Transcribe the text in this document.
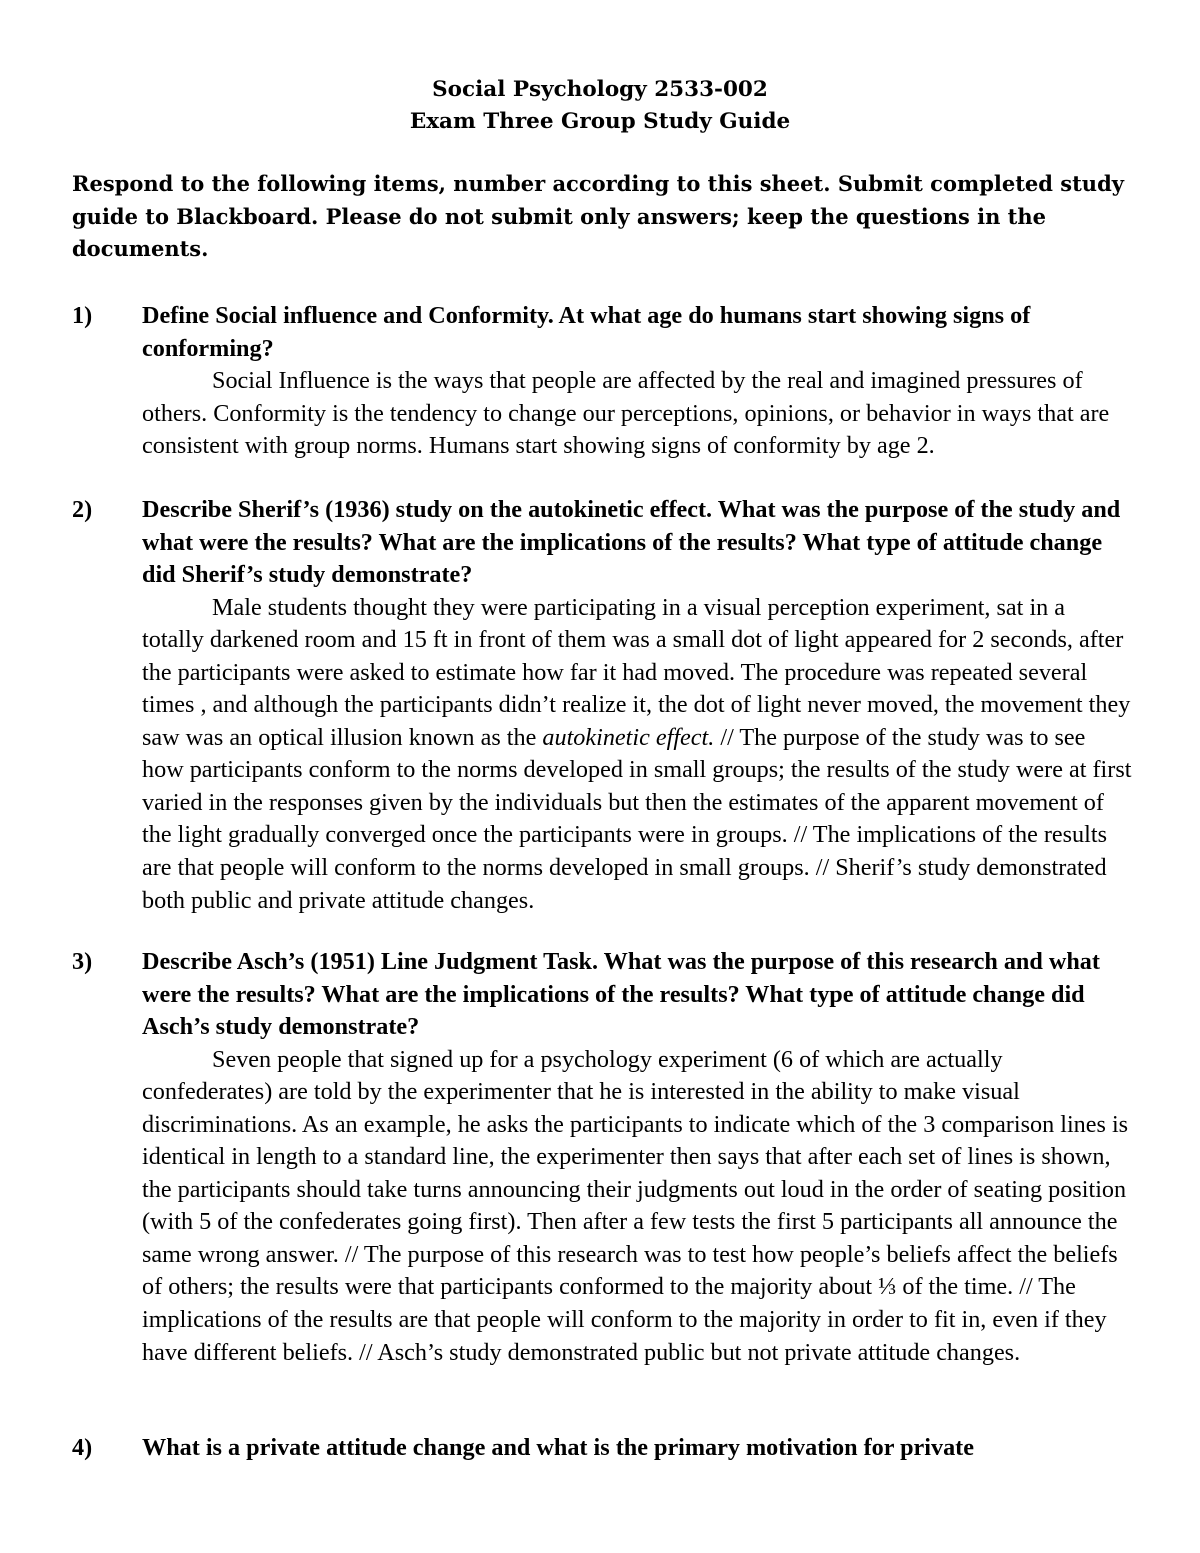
Social Psychology 2533-002
Exam Three Group Study Guide

Respond to the following items, number according to this sheet. Submit completed study guide to Blackboard. Please do not submit only answers; keep the questions in the documents.

1)	Define Social influence and Conformity. At what age do humans start showing signs of conforming?

Social Influence is the ways that people are affected by the real and imagined pressures of others. Conformity is the tendency to change our perceptions, opinions, or behavior in ways that are consistent with group norms. Humans start showing signs of conformity by age 2.

2)	Describe Sherif’s (1936) study on the autokinetic effect. What was the purpose of the study and what were the results? What are the implications of the results? What type of attitude change did Sherif’s study demonstrate?

Male students thought they were participating in a visual perception experiment, sat in a totally darkened room and 15 ft in front of them was a small dot of light appeared for 2 seconds, after the participants were asked to estimate how far it had moved. The procedure was repeated several times , and although the participants didn’t realize it, the dot of light never moved, the movement they saw was an optical illusion known as the autokinetic effect. // The purpose of the study was to see how participants conform to the norms developed in small groups; the results of the study were at first varied in the responses given by the individuals but then the estimates of the apparent movement of the light gradually converged once the participants were in groups. // The implications of the results are that people will conform to the norms developed in small groups. // Sherif’s study demonstrated both public and private attitude changes.

3)	Describe Asch’s (1951) Line Judgment Task. What was the purpose of this research and what were the results? What are the implications of the results? What type of attitude change did Asch’s study demonstrate?

Seven people that signed up for a psychology experiment (6 of which are actually confederates) are told by the experimenter that he is interested in the ability to make visual discriminations. As an example, he asks the participants to indicate which of the 3 comparison lines is identical in length to a standard line, the experimenter then says that after each set of lines is shown, the participants should take turns announcing their judgments out loud in the order of seating position (with 5 of the confederates going first). Then after a few tests the first 5 participants all announce the same wrong answer. // The purpose of this research was to test how people’s beliefs affect the beliefs of others; the results were that participants conformed to the majority about ⅓ of the time. // The implications of the results are that people will conform to the majority in order to fit in, even if they have different beliefs. // Asch’s study demonstrated public but not private attitude changes.

4)	What is a private attitude change and what is the primary motivation for private
